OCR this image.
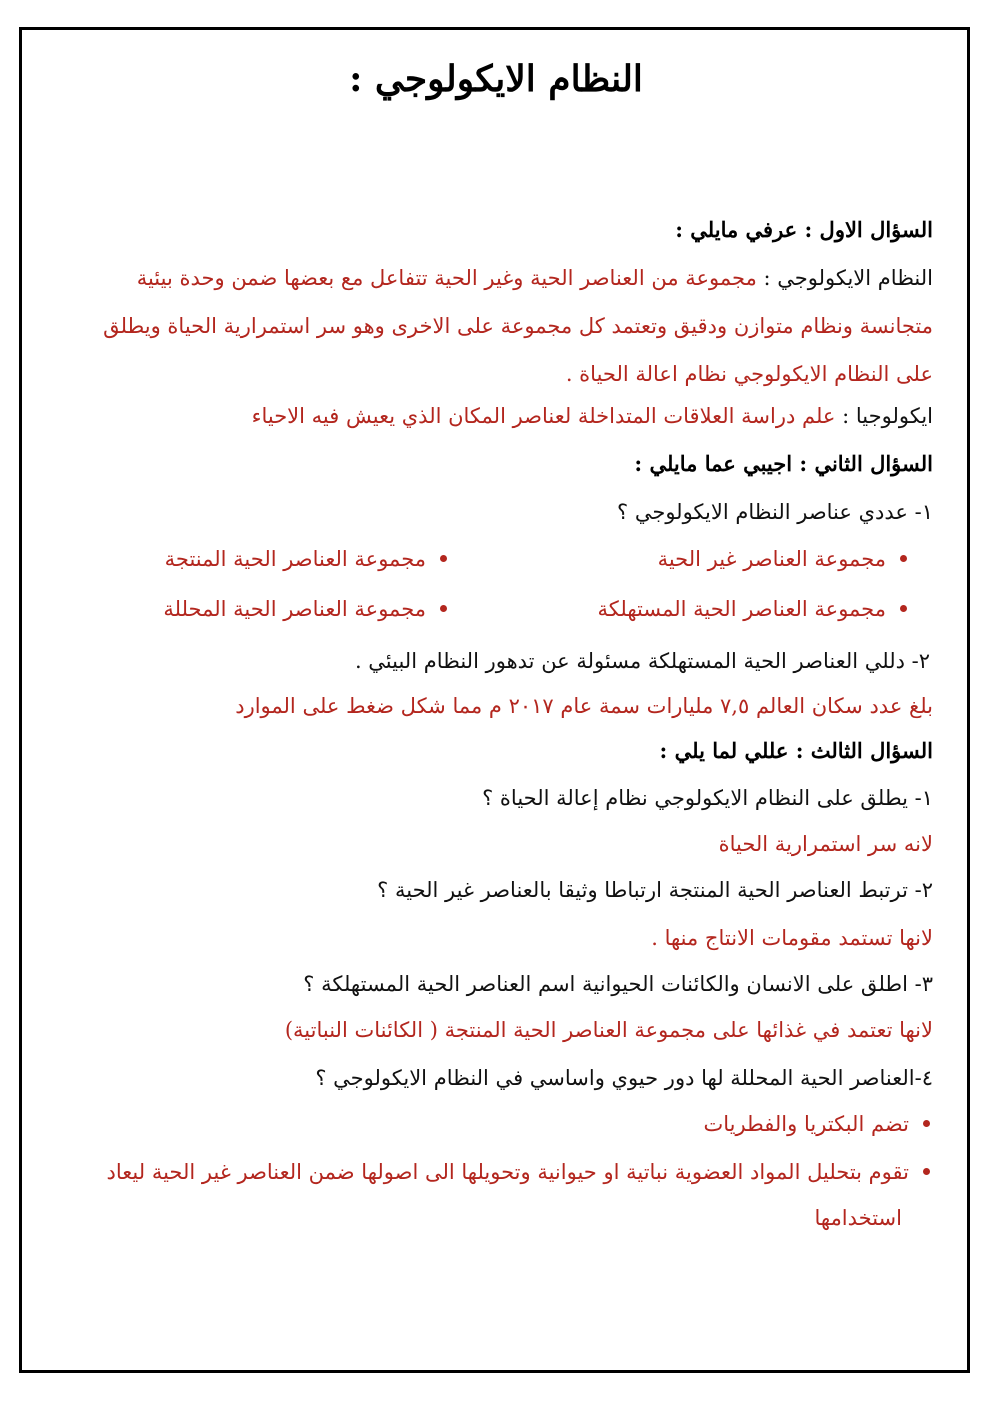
النظام الايكولوجي :

السؤال الاول : عرفي مايلي :

النظام الايكولوجي : مجموعة من العناصر الحية وغير الحية تتفاعل مع بعضها ضمن وحدة بيئية

متجانسة ونظام متوازن ودقيق وتعتمد كل مجموعة على الاخرى وهو سر استمرارية الحياة ويطلق

على النظام الايكولوجي نظام اعالة الحياة .

ايكولوجيا : علم دراسة العلاقات المتداخلة لعناصر المكان الذي يعيش فيه الاحياء

السؤال الثاني : اجيبي عما مايلي :

١- عددي عناصر النظام الايكولوجي ؟

مجموعة العناصر غير الحية
مجموعة العناصر الحية المنتجة
مجموعة العناصر الحية المستهلكة
مجموعة العناصر الحية المحللة

٢- دللي العناصر الحية المستهلكة مسئولة عن تدهور النظام البيئي .

بلغ عدد سكان العالم ٧,٥ مليارات سمة عام ٢٠١٧ م مما شكل ضغط على الموارد

السؤال الثالث : عللي لما يلي :

١- يطلق على النظام الايكولوجي نظام إعالة الحياة ؟

لانه سر استمرارية الحياة

٢- ترتبط العناصر الحية المنتجة ارتباطا وثيقا بالعناصر غير الحية ؟

لانها تستمد مقومات الانتاج منها .

٣- اطلق على الانسان والكائنات الحيوانية اسم العناصر الحية المستهلكة ؟

لانها تعتمد في غذائها على مجموعة العناصر الحية المنتجة ( الكائنات النباتية)

٤-العناصر الحية المحللة لها دور حيوي واساسي في النظام الايكولوجي ؟

تضم البكتريا والفطريات
تقوم بتحليل المواد العضوية نباتية او حيوانية وتحويلها الى اصولها ضمن العناصر غير الحية ليعاد

استخدامها
